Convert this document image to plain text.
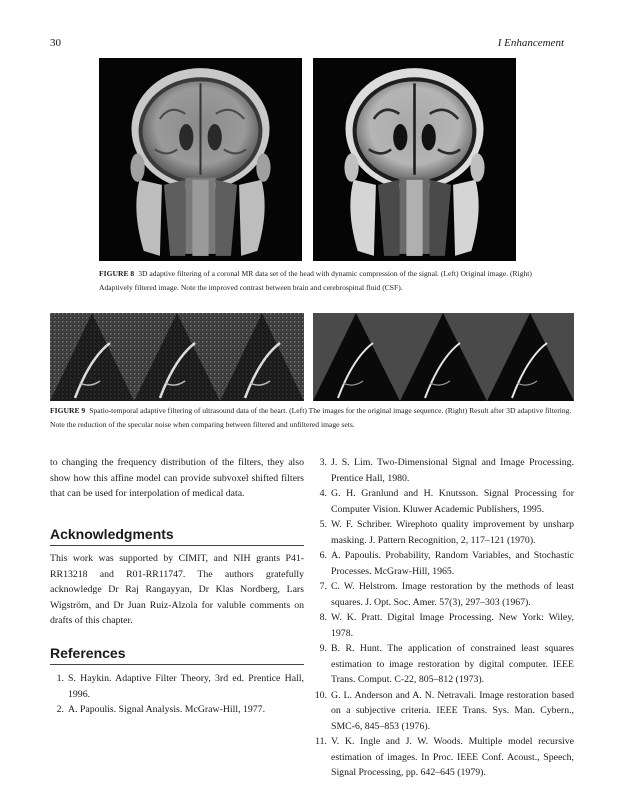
30	I Enhancement
FIGURE 8 3D adaptive filtering of a coronal MR data set of the head with dynamic compression of the signal. (Left) Original image. (Right) Adaptively filtered image. Note the improved contrast between brain and cerebrospinal fluid (CSF).
FIGURE 9 Spatio-temporal adaptive filtering of ultrasound data of the heart. (Left) The images for the original image sequence. (Right) Result after 3D adaptive filtering. Note the reduction of the specular noise when comparing between filtered and unfiltered image sets.
to changing the frequency distribution of the filters, they also show how this affine model can provide subvoxel shifted filters that can be used for interpolation of medical data.
Acknowledgments
This work was supported by CIMIT, and NIH grants P41-RR13218 and R01-RR11747. The authors gratefully acknowledge Dr Raj Rangayyan, Dr Klas Nordberg, Lars Wigström, and Dr Juan Ruiz-Alzola for valuble comments on drafts of this chapter.
References
1. S. Haykin. Adaptive Filter Theory, 3rd ed. Prentice Hall, 1996.
2. A. Papoulis. Signal Analysis. McGraw-Hill, 1977.
3. J. S. Lim. Two-Dimensional Signal and Image Processing. Prentice Hall, 1980.
4. G. H. Granlund and H. Knutsson. Signal Processing for Computer Vision. Kluwer Academic Publishers, 1995.
5. W. F. Schriber. Wirephoto quality improvement by unsharp masking. J. Pattern Recognition, 2, 117–121 (1970).
6. A. Papoulis. Probability, Random Variables, and Stochastic Processes. McGraw-Hill, 1965.
7. C. W. Helstrom. Image restoration by the methods of least squares. J. Opt. Soc. Amer. 57(3), 297–303 (1967).
8. W. K. Pratt. Digital Image Processing. New York: Wiley, 1978.
9. B. R. Hunt. The application of constrained least squares estimation to image restoration by digital computer. IEEE Trans. Comput. C-22, 805–812 (1973).
10. G. L. Anderson and A. N. Netravali. Image restoration based on a subjective criteria. IEEE Trans. Sys. Man. Cybern., SMC-6, 845–853 (1976).
11. V. K. Ingle and J. W. Woods. Multiple model recursive estimation of images. In Proc. IEEE Conf. Acoust., Speech, Signal Processing, pp. 642–645 (1979).
